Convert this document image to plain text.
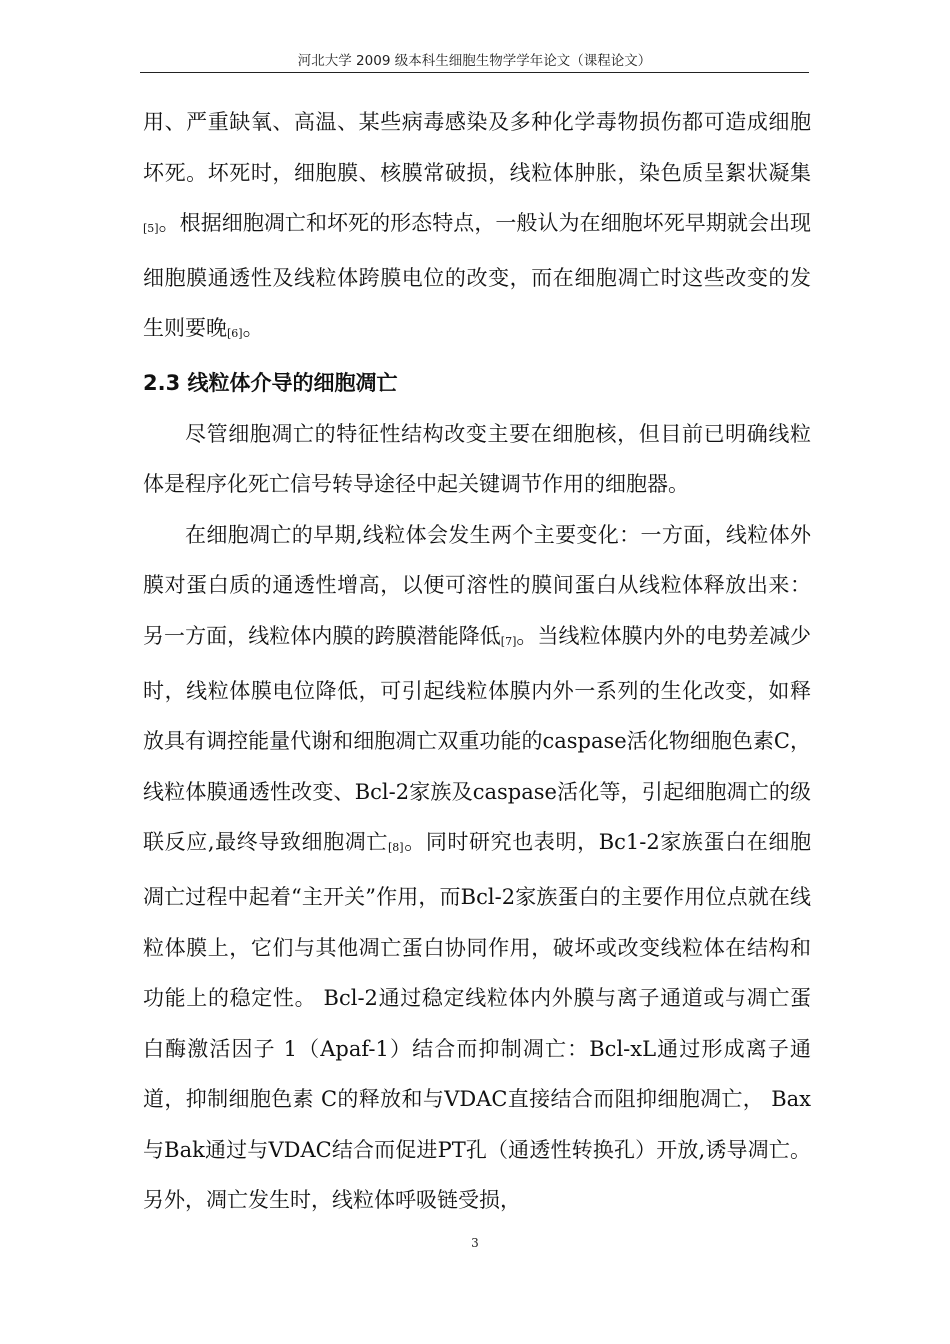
河北大学 2009 级本科生细胞生物学学年论文（课程论文）

用、严重缺氧、高温、某些病毒感染及多种化学毒物损伤都可造成细胞坏死。坏死时，细胞膜、核膜常破损，线粒体肿胀，染色质呈絮状凝集[5]。根据细胞凋亡和坏死的形态特点，一般认为在细胞坏死早期就会出现细胞膜通透性及线粒体跨膜电位的改变，而在细胞凋亡时这些改变的发生则要晚[6]。

2.3 线粒体介导的细胞凋亡

尽管细胞凋亡的特征性结构改变主要在细胞核，但目前已明确线粒体是程序化死亡信号转导途径中起关键调节作用的细胞器。

在细胞凋亡的早期,线粒体会发生两个主要变化：一方面，线粒体外膜对蛋白质的通透性增高，以便可溶性的膜间蛋白从线粒体释放出来：另一方面，线粒体内膜的跨膜潜能降低[7]。当线粒体膜内外的电势差减少时，线粒体膜电位降低，可引起线粒体膜内外一系列的生化改变，如释放具有调控能量代谢和细胞凋亡双重功能的caspase活化物细胞色素C，线粒体膜通透性改变、Bcl-2家族及caspase活化等，引起细胞凋亡的级联反应,最终导致细胞凋亡[8]。同时研究也表明，Bc1-2家族蛋白在细胞凋亡过程中起着“主开关”作用，而Bcl-2家族蛋白的主要作用位点就在线粒体膜上，它们与其他凋亡蛋白协同作用，破坏或改变线粒体在结构和功能上的稳定性。 Bcl-2通过稳定线粒体内外膜与离子通道或与凋亡蛋白酶激活因子 1（Apaf-1）结合而抑制凋亡：Bcl-xL通过形成离子通道，抑制细胞色素 C的释放和与VDAC直接结合而阻抑细胞凋亡， Bax与Bak通过与VDAC结合而促进PT孔（通透性转换孔）开放,诱导凋亡。另外，凋亡发生时，线粒体呼吸链受损，

3
